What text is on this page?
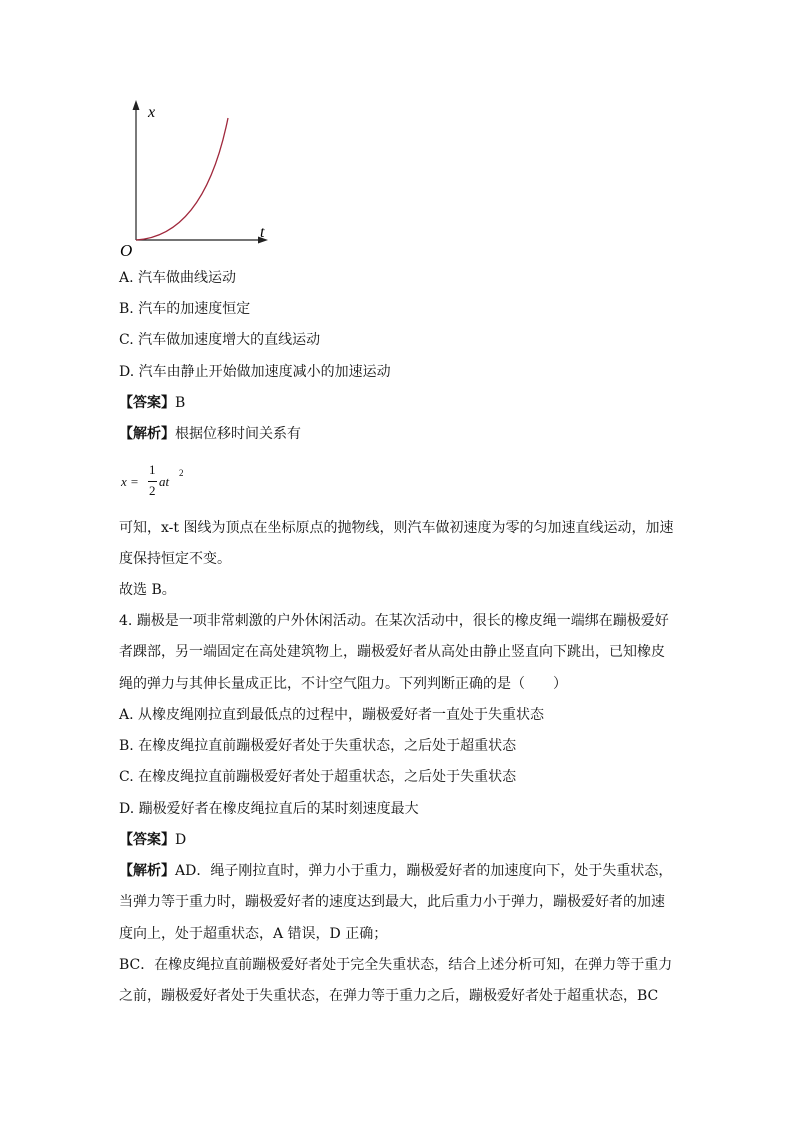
x
t
O
A. 汽车做曲线运动
B. 汽车的加速度恒定
C. 汽车做加速度增大的直线运动
D. 汽车由静止开始做加速度减小的加速运动
【答案】B
【解析】根据位移时间关系有
x =
1
2
at
2
可知，x-t 图线为顶点在坐标原点的抛物线，则汽车做初速度为零的匀加速直线运动，加速
度保持恒定不变。
故选 B。
4. 蹦极是一项非常刺激的户外休闲活动。在某次活动中，很长的橡皮绳一端绑在蹦极爱好
者踝部，另一端固定在高处建筑物上，蹦极爱好者从高处由静止竖直向下跳出，已知橡皮
绳的弹力与其伸长量成正比，不计空气阻力。下列判断正确的是（　　）
A. 从橡皮绳刚拉直到最低点的过程中，蹦极爱好者一直处于失重状态
B. 在橡皮绳拉直前蹦极爱好者处于失重状态，之后处于超重状态
C. 在橡皮绳拉直前蹦极爱好者处于超重状态，之后处于失重状态
D. 蹦极爱好者在橡皮绳拉直后的某时刻速度最大
【答案】D
【解析】AD．绳子刚拉直时，弹力小于重力，蹦极爱好者的加速度向下，处于失重状态，
当弹力等于重力时，蹦极爱好者的速度达到最大，此后重力小于弹力，蹦极爱好者的加速
度向上，处于超重状态，A 错误，D 正确；
BC．在橡皮绳拉直前蹦极爱好者处于完全失重状态，结合上述分析可知，在弹力等于重力
之前，蹦极爱好者处于失重状态，在弹力等于重力之后，蹦极爱好者处于超重状态，BC
